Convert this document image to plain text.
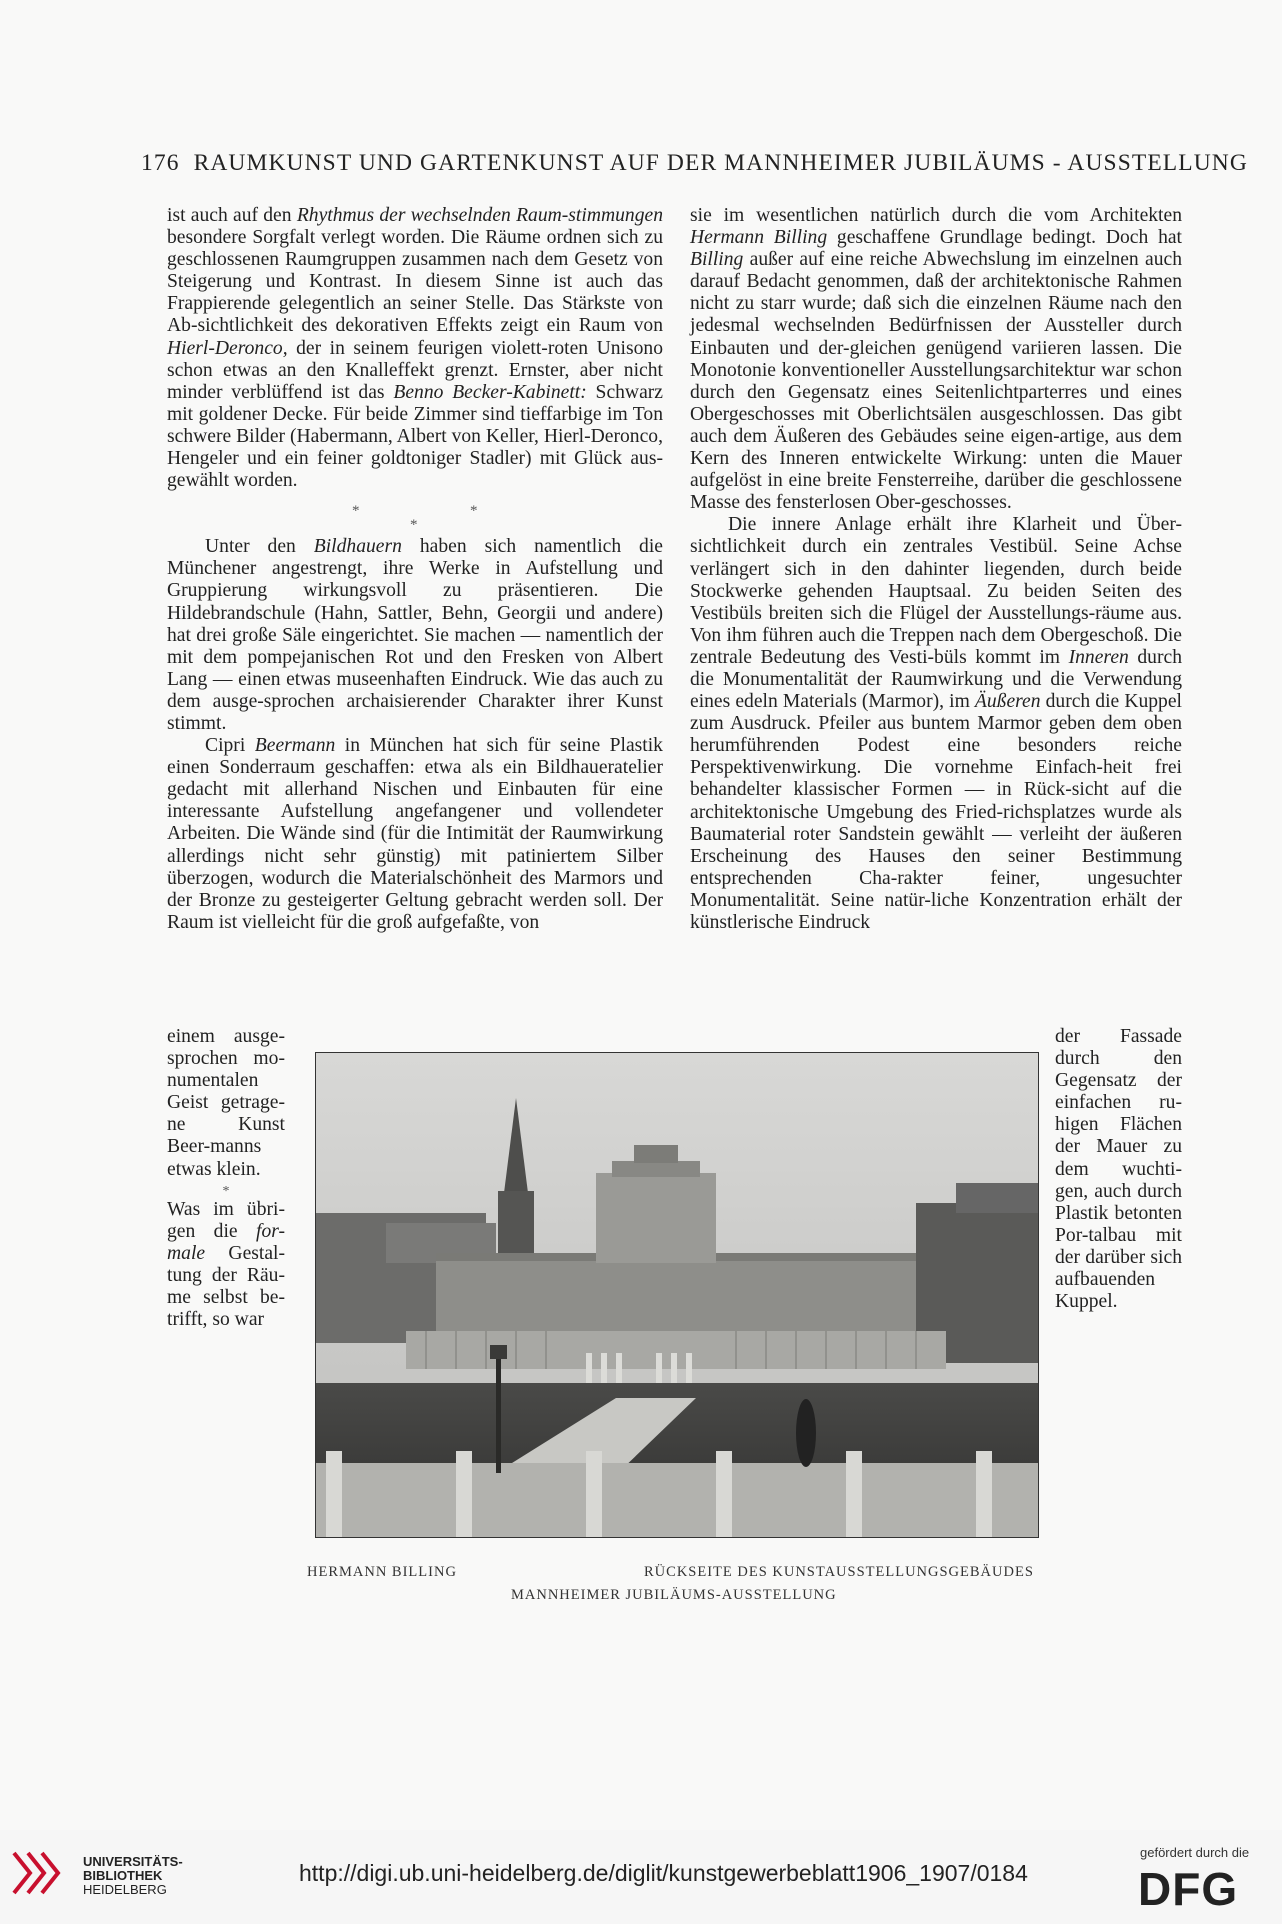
176 RAUMKUNST UND GARTENKUNST AUF DER MANNHEIMER JUBILÄUMS - AUSSTELLUNG

ist auch auf den Rhythmus der wechselnden Raum-stimmungen besondere Sorgfalt verlegt worden. Die Räume ordnen sich zu geschlossenen Raumgruppen zusammen nach dem Gesetz von Steigerung und Kontrast. In diesem Sinne ist auch das Frappierende gelegentlich an seiner Stelle. Das Stärkste von Ab-sichtlichkeit des dekorativen Effekts zeigt ein Raum von Hierl-Deronco, der in seinem feurigen violett-roten Unisono schon etwas an den Knalleffekt grenzt. Ernster, aber nicht minder verblüffend ist das Benno Becker-Kabinett: Schwarz mit goldener Decke. Für beide Zimmer sind tieffarbige im Ton schwere Bilder (Habermann, Albert von Keller, Hierl-Deronco, Hengeler und ein feiner goldtoniger Stadler) mit Glück aus-gewählt worden.

*
*
*

Unter den Bildhauern haben sich namentlich die Münchener angestrengt, ihre Werke in Aufstellung und Gruppierung wirkungsvoll zu präsentieren. Die Hildebrandschule (Hahn, Sattler, Behn, Georgii und andere) hat drei große Säle eingerichtet. Sie machen — namentlich der mit dem pompejanischen Rot und den Fresken von Albert Lang — einen etwas museenhaften Eindruck. Wie das auch zu dem ausge-sprochen archaisierender Charakter ihrer Kunst stimmt.

Cipri Beermann in München hat sich für seine Plastik einen Sonderraum geschaffen: etwa als ein Bildhaueratelier gedacht mit allerhand Nischen und Einbauten für eine interessante Aufstellung angefangener und vollendeter Arbeiten. Die Wände sind (für die Intimität der Raumwirkung allerdings nicht sehr günstig) mit patiniertem Silber überzogen, wodurch die Materialschönheit des Marmors und der Bronze zu gesteigerter Geltung gebracht werden soll. Der Raum ist vielleicht für die groß aufgefaßte, von

einem ausge-sprochen mo-numentalen Geist getrage-ne Kunst Beer-manns etwas klein.

*

Was im übri-gen die for-male Gestal-tung der Räu-me selbst be-trifft, so war

sie im wesentlichen natürlich durch die vom Architekten Hermann Billing geschaffene Grundlage bedingt. Doch hat Billing außer auf eine reiche Abwechslung im einzelnen auch darauf Bedacht genommen, daß der architektonische Rahmen nicht zu starr wurde; daß sich die einzelnen Räume nach den jedesmal wechselnden Bedürfnissen der Aussteller durch Einbauten und der-gleichen genügend variieren lassen. Die Monotonie konventioneller Ausstellungsarchitektur war schon durch den Gegensatz eines Seitenlichtparterres und eines Obergeschosses mit Oberlichtsälen ausgeschlossen. Das gibt auch dem Äußeren des Gebäudes seine eigen-artige, aus dem Kern des Inneren entwickelte Wirkung: unten die Mauer aufgelöst in eine breite Fensterreihe, darüber die geschlossene Masse des fensterlosen Ober-geschosses.

Die innere Anlage erhält ihre Klarheit und Über-sichtlichkeit durch ein zentrales Vestibül. Seine Achse verlängert sich in den dahinter liegenden, durch beide Stockwerke gehenden Hauptsaal. Zu beiden Seiten des Vestibüls breiten sich die Flügel der Ausstellungs-räume aus. Von ihm führen auch die Treppen nach dem Obergeschoß. Die zentrale Bedeutung des Vesti-büls kommt im Inneren durch die Monumentalität der Raumwirkung und die Verwendung eines edeln Materials (Marmor), im Äußeren durch die Kuppel zum Ausdruck. Pfeiler aus buntem Marmor geben dem oben herumführenden Podest eine besonders reiche Perspektivenwirkung. Die vornehme Einfach-heit frei behandelter klassischer Formen — in Rück-sicht auf die architektonische Umgebung des Fried-richsplatzes wurde als Baumaterial roter Sandstein gewählt — verleiht der äußeren Erscheinung des Hauses den seiner Bestimmung entsprechenden Cha-rakter feiner, ungesuchter Monumentalität. Seine natür-liche Konzentration erhält der künstlerische Eindruck

der Fassade durch den Gegensatz der einfachen ru-higen Flächen der Mauer zu dem wuchti-gen, auch durch Plastik betonten Por-talbau mit der darüber sich aufbauenden Kuppel.

HERMANN BILLING	RÜCKSEITE DES KUNSTAUSSTELLUNGSGEBÄUDES
MANNHEIMER JUBILÄUMS-AUSSTELLUNG
UNIVERSITÄTS-
BIBLIOTHEK
HEIDELBERG
http://digi.ub.uni-heidelberg.de/diglit/kunstgewerbeblatt1906_1907/0184
gefördert durch die
DFG
